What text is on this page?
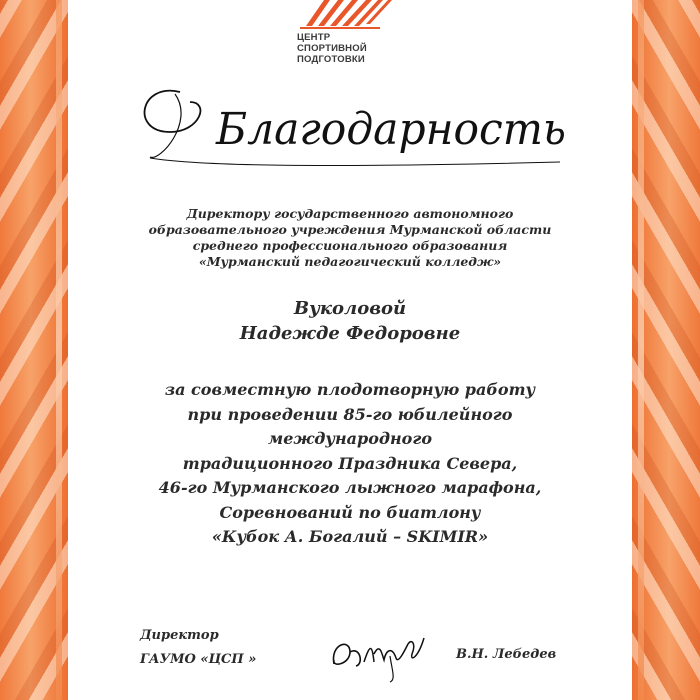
ЦЕНТР
СПОРТИВНОЙ
ПОДГОТОВКИ
Благодарность
Директору государственного автономного
образовательного учреждения Мурманской области
среднего профессионального образования
«Мурманский педагогический колледж»
Вуколовой
Надежде Федоровне
за совместную плодотворную работу
при проведении 85-го юбилейного
международного
традиционного Праздника Севера,
46-го Мурманского лыжного марафона,
Соревнований по биатлону
«Кубок А. Богалий – SKIMIR»
Директор
ГАУМО «ЦСП »	В.Н. Лебедев
